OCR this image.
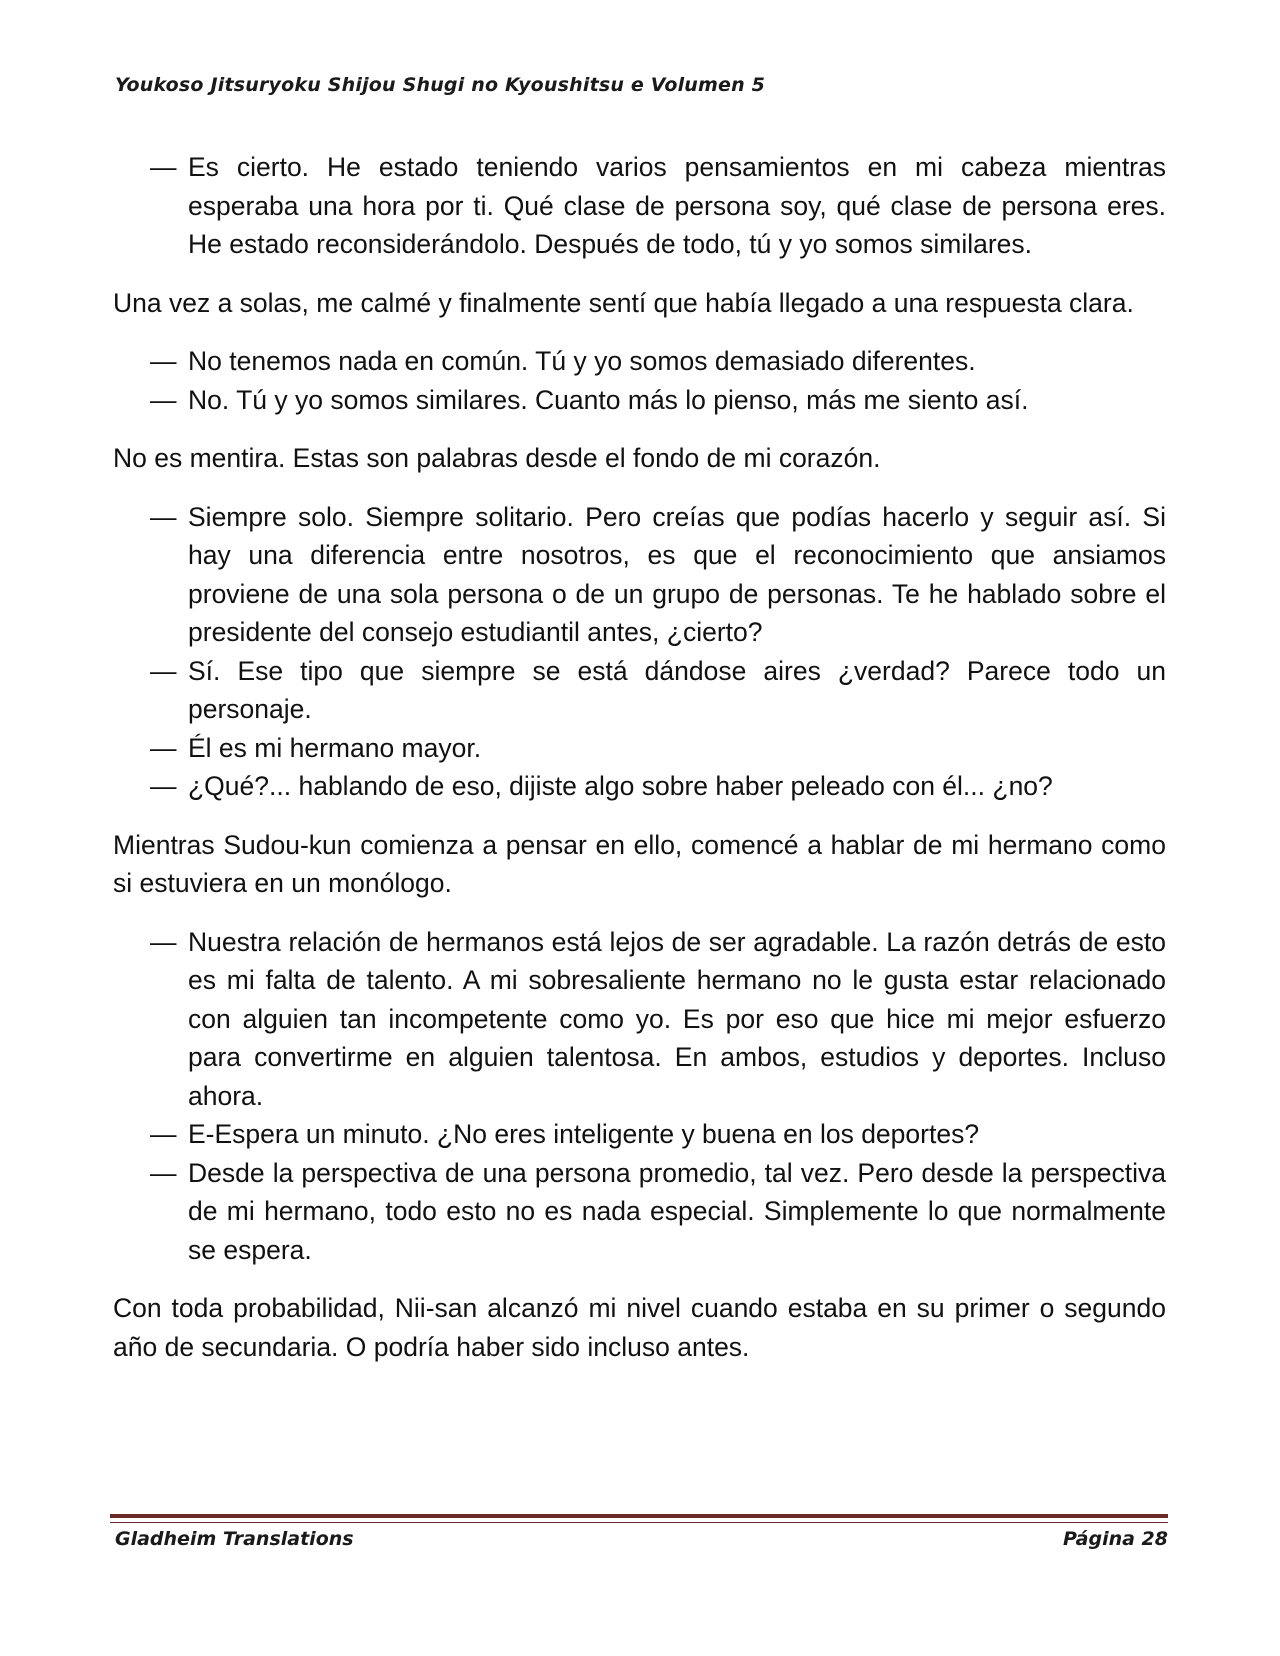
Youkoso Jitsuryoku Shijou Shugi no Kyoushitsu e Volumen 5
— Es cierto. He estado teniendo varios pensamientos en mi cabeza mientras esperaba una hora por ti. Qué clase de persona soy, qué clase de persona eres. He estado reconsiderándolo. Después de todo, tú y yo somos similares.

Una vez a solas, me calmé y finalmente sentí que había llegado a una respuesta clara.

— No tenemos nada en común. Tú y yo somos demasiado diferentes.
— No. Tú y yo somos similares. Cuanto más lo pienso, más me siento así.

No es mentira. Estas son palabras desde el fondo de mi corazón.

— Siempre solo. Siempre solitario. Pero creías que podías hacerlo y seguir así. Si hay una diferencia entre nosotros, es que el reconocimiento que ansiamos proviene de una sola persona o de un grupo de personas. Te he hablado sobre el presidente del consejo estudiantil antes, ¿cierto?
— Sí. Ese tipo que siempre se está dándose aires ¿verdad? Parece todo un personaje.
— Él es mi hermano mayor.
— ¿Qué?... hablando de eso, dijiste algo sobre haber peleado con él... ¿no?

Mientras Sudou-kun comienza a pensar en ello, comencé a hablar de mi hermano como si estuviera en un monólogo.

— Nuestra relación de hermanos está lejos de ser agradable. La razón detrás de esto es mi falta de talento. A mi sobresaliente hermano no le gusta estar relacionado con alguien tan incompetente como yo. Es por eso que hice mi mejor esfuerzo para convertirme en alguien talentosa. En ambos, estudios y deportes. Incluso ahora.
— E-Espera un minuto. ¿No eres inteligente y buena en los deportes?
— Desde la perspectiva de una persona promedio, tal vez. Pero desde la perspectiva de mi hermano, todo esto no es nada especial. Simplemente lo que normalmente se espera.

Con toda probabilidad, Nii-san alcanzó mi nivel cuando estaba en su primer o segundo año de secundaria. O podría haber sido incluso antes.

Gladheim Translations	Página 28
